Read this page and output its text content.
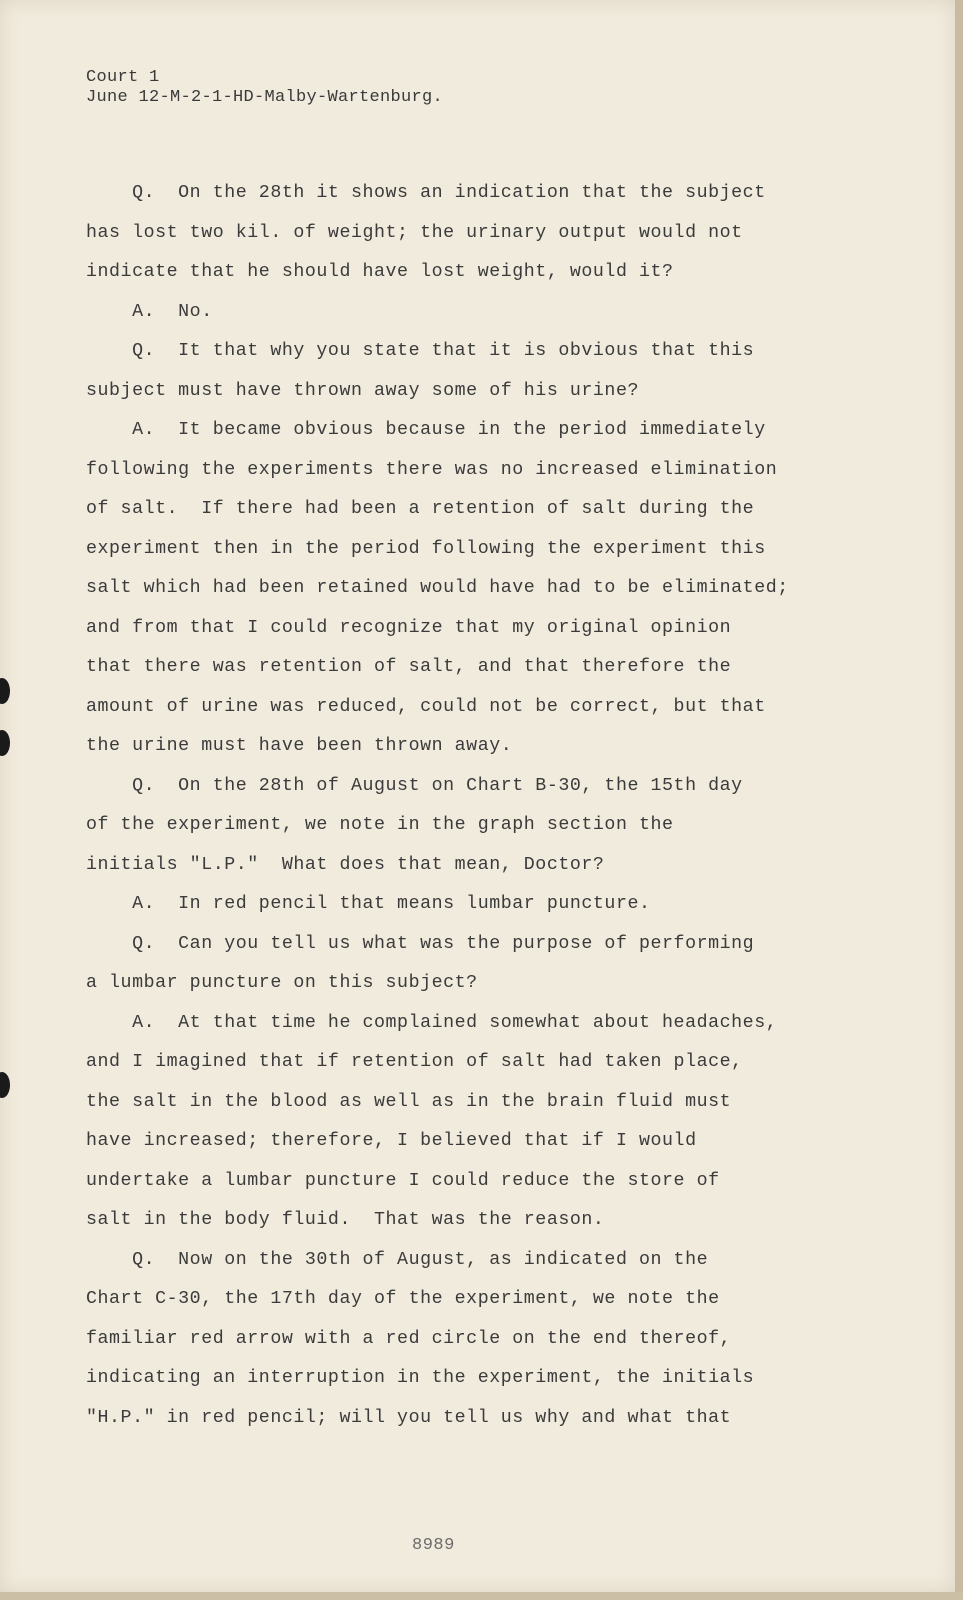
Court 1
June 12-M-2-1-HD-Malby-Wartenburg.
Q.  On the 28th it shows an indication that the subject
has lost two kil. of weight; the urinary output would not
indicate that he should have lost weight, would it?
A.  No.
Q.  It that why you state that it is obvious that this
subject must have thrown away some of his urine?
A.  It became obvious because in the period immediately
following the experiments there was no increased elimination
of salt.  If there had been a retention of salt during the
experiment then in the period following the experiment this
salt which had been retained would have had to be eliminated;
and from that I could recognize that my original opinion
that there was retention of salt, and that therefore the
amount of urine was reduced, could not be correct, but that
the urine must have been thrown away.
Q.  On the 28th of August on Chart B-30, the 15th day
of the experiment, we note in the graph section the
initials "L.P."  What does that mean, Doctor?
A.  In red pencil that means lumbar puncture.
Q.  Can you tell us what was the purpose of performing
a lumbar puncture on this subject?
A.  At that time he complained somewhat about headaches,
and I imagined that if retention of salt had taken place,
the salt in the blood as well as in the brain fluid must
have increased; therefore, I believed that if I would
undertake a lumbar puncture I could reduce the store of
salt in the body fluid.  That was the reason.
Q.  Now on the 30th of August, as indicated on the
Chart C-30, the 17th day of the experiment, we note the
familiar red arrow with a red circle on the end thereof,
indicating an interruption in the experiment, the initials
"H.P." in red pencil; will you tell us why and what that
8989
